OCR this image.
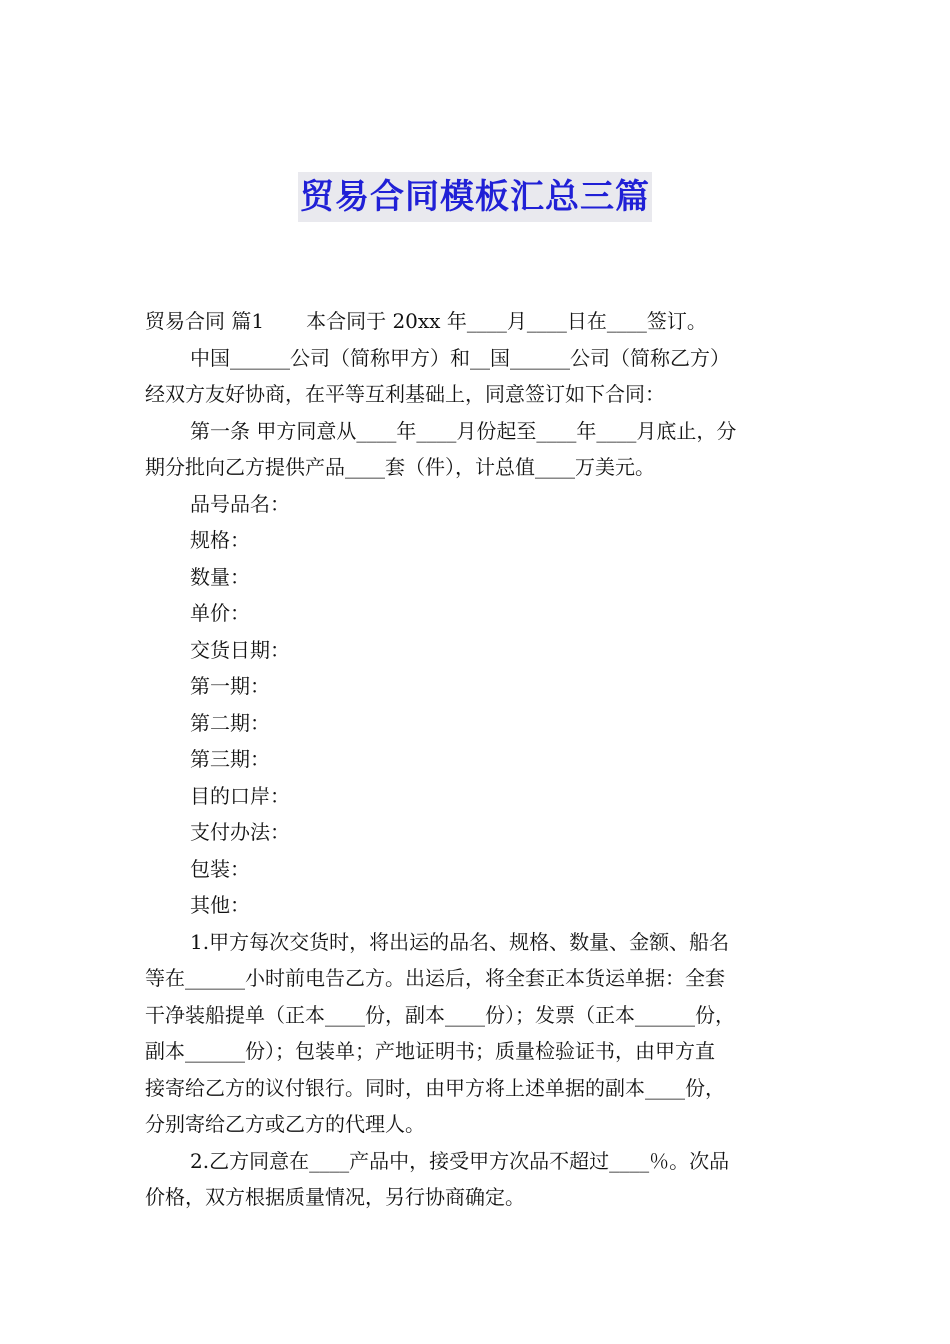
贸易合同模板汇总三篇

贸易合同 篇1 本合同于 20xx 年____月____日在____签订。

中国______公司（简称甲方）和__国______公司（简称乙方）

经双方友好协商，在平等互利基础上，同意签订如下合同：

第一条 甲方同意从____年____月份起至____年____月底止，分

期分批向乙方提供产品____套（件），计总值____万美元。

品号品名：

规格：

数量：

单价：

交货日期：

第一期：

第二期：

第三期：

目的口岸：

支付办法：

包装：

其他：

1.甲方每次交货时，将出运的品名、规格、数量、金额、船名

等在______小时前电告乙方。出运后，将全套正本货运单据：全套

干净装船提单（正本____份，副本____份）；发票（正本______份，

副本______份）；包装单；产地证明书；质量检验证书，由甲方直

接寄给乙方的议付银行。同时，由甲方将上述单据的副本____份，

分别寄给乙方或乙方的代理人。

2.乙方同意在____产品中，接受甲方次品不超过____％。次品

价格，双方根据质量情况，另行协商确定。
